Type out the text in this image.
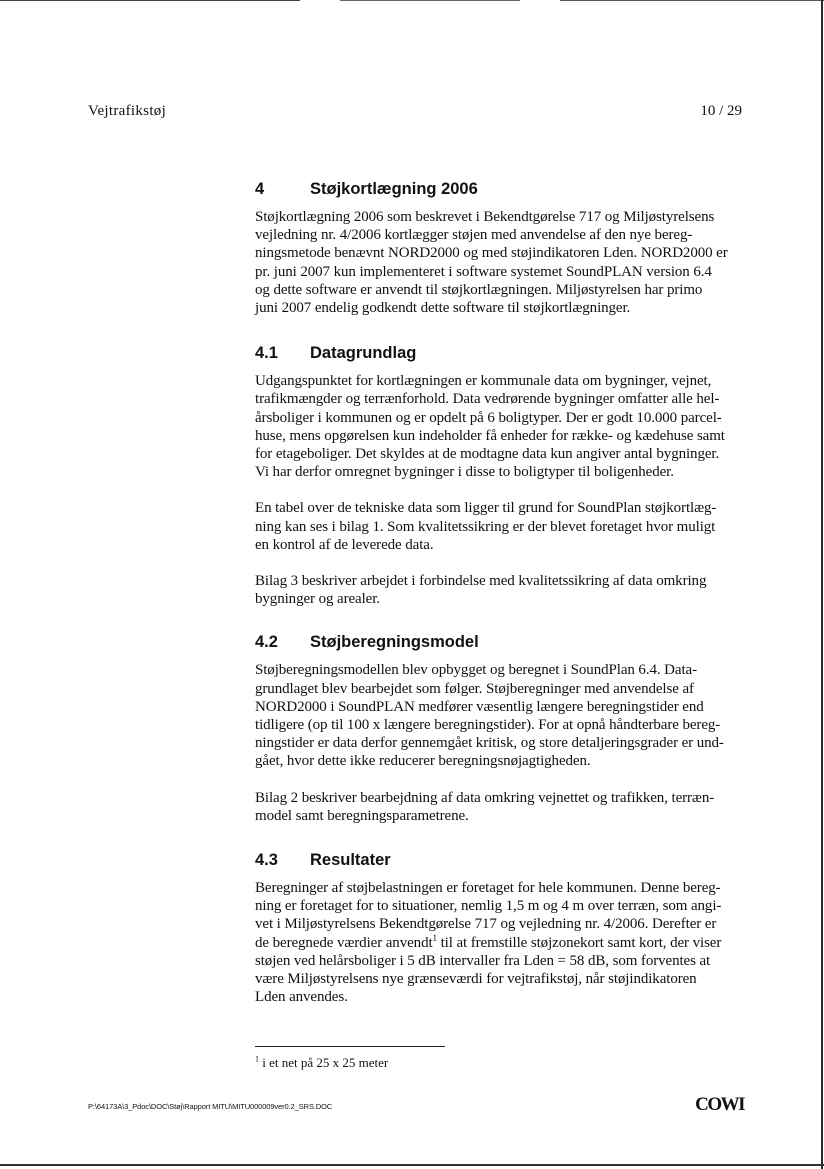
Vejtrafikstøj	10 / 29
4	Støjkortlægning 2006
Støjkortlægning 2006 som beskrevet i Bekendtgørelse 717 og Miljøstyrelsens
vejledning nr. 4/2006 kortlægger støjen med anvendelse af den nye bereg-
ningsmetode benævnt NORD2000 og med støjindikatoren Lden. NORD2000 er
pr. juni 2007 kun implementeret i software systemet SoundPLAN version 6.4
og dette software er anvendt til støjkortlægningen. Miljøstyrelsen har primo
juni 2007 endelig godkendt dette software til støjkortlægninger.
4.1	Datagrundlag
Udgangspunktet for kortlægningen er kommunale data om bygninger, vejnet,
trafikmængder og terrænforhold. Data vedrørende bygninger omfatter alle hel-
årsboliger i kommunen og er opdelt på 6 boligtyper. Der er godt 10.000 parcel-
huse, mens opgørelsen kun indeholder få enheder for række- og kædehuse samt
for etageboliger. Det skyldes at de modtagne data kun angiver antal bygninger.
Vi har derfor omregnet bygninger i disse to boligtyper til boligenheder.
En tabel over de tekniske data som ligger til grund for SoundPlan støjkortlæg-
ning kan ses i bilag 1. Som kvalitetssikring er der blevet foretaget hvor muligt
en kontrol af de leverede data.
Bilag 3 beskriver arbejdet i forbindelse med kvalitetssikring af data omkring
bygninger og arealer.
4.2	Støjberegningsmodel
Støjberegningsmodellen blev opbygget og beregnet i SoundPlan 6.4. Data-
grundlaget blev bearbejdet som følger. Støjberegninger med anvendelse af
NORD2000 i SoundPLAN medfører væsentlig længere beregningstider end
tidligere (op til 100 x længere beregningstider). For at opnå håndterbare bereg-
ningstider er data derfor gennemgået kritisk, og store detaljeringsgrader er und-
gået, hvor dette ikke reducerer beregningsnøjagtigheden.
Bilag 2 beskriver bearbejdning af data omkring vejnettet og trafikken, terræn-
model samt beregningsparametrene.
4.3	Resultater
Beregninger af støjbelastningen er foretaget for hele kommunen. Denne bereg-
ning er foretaget for to situationer, nemlig 1,5 m og 4 m over terræn, som angi-
vet i Miljøstyrelsens Bekendtgørelse 717 og vejledning nr. 4/2006. Derefter er
de beregnede værdier anvendt$^1$ til at fremstille støjzonekort samt kort, der viser
støjen ved helårsboliger i 5 dB intervaller fra Lden = 58 dB, som forventes at
være Miljøstyrelsens nye grænseværdi for vejtrafikstøj, når støjindikatoren
Lden anvendes.
$^1$ i et net på 25 x 25 meter
P:\64173A\3_Pdoc\DOC\Støj\Rapport MITU\MITU000009ver0.2_SRS.DOC	COWI
